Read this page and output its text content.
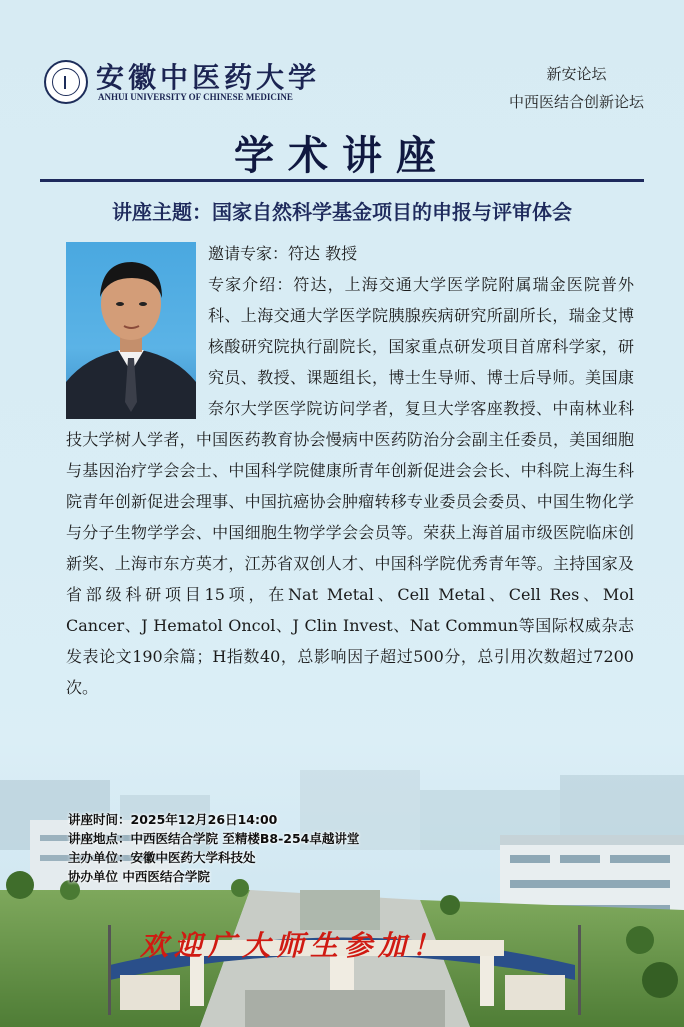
安徽中医药大学
ANHUI UNIVERSITY OF CHINESE MEDICINE
新安论坛
中西医结合创新论坛
学术讲座
讲座主题：国家自然科学基金项目的申报与评审体会
邀请专家：符达 教授
专家介绍：符达，上海交通大学医学院附属瑞金医院普外科、上海交通大学医学院胰腺疾病研究所副所长，瑞金艾博核酸研究院执行副院长，国家重点研发项目首席科学家，研究员、教授、课题组长，博士生导师、博士后导师。美国康奈尔大学医学院访问学者，复旦大学客座教授、中南林业科技大学树人学者，中国医药教育协会慢病中医药防治分会副主任委员，美国细胞与基因治疗学会会士、中国科学院健康所青年创新促进会会长、中科院上海生科院青年创新促进会理事、中国抗癌协会肿瘤转移专业委员会委员、中国生物化学与分子生物学学会、中国细胞生物学学会会员等。荣获上海首届市级医院临床创新奖、上海市东方英才，江苏省双创人才、中国科学院优秀青年等。主持国家及省部级科研项目15项，在Nat Metal、Cell Metal、Cell Res、Mol Cancer、J Hematol Oncol、J Clin Invest、Nat Commun等国际权威杂志发表论文190余篇；H指数40，总影响因子超过500分，总引用次数超过7200次。
讲座时间：2025年12月26日14:00
讲座地点：中西医结合学院 至精楼B8-254卓越讲堂
主办单位：安徽中医药大学科技处
协办单位 中西医结合学院
欢迎广大师生参加！
